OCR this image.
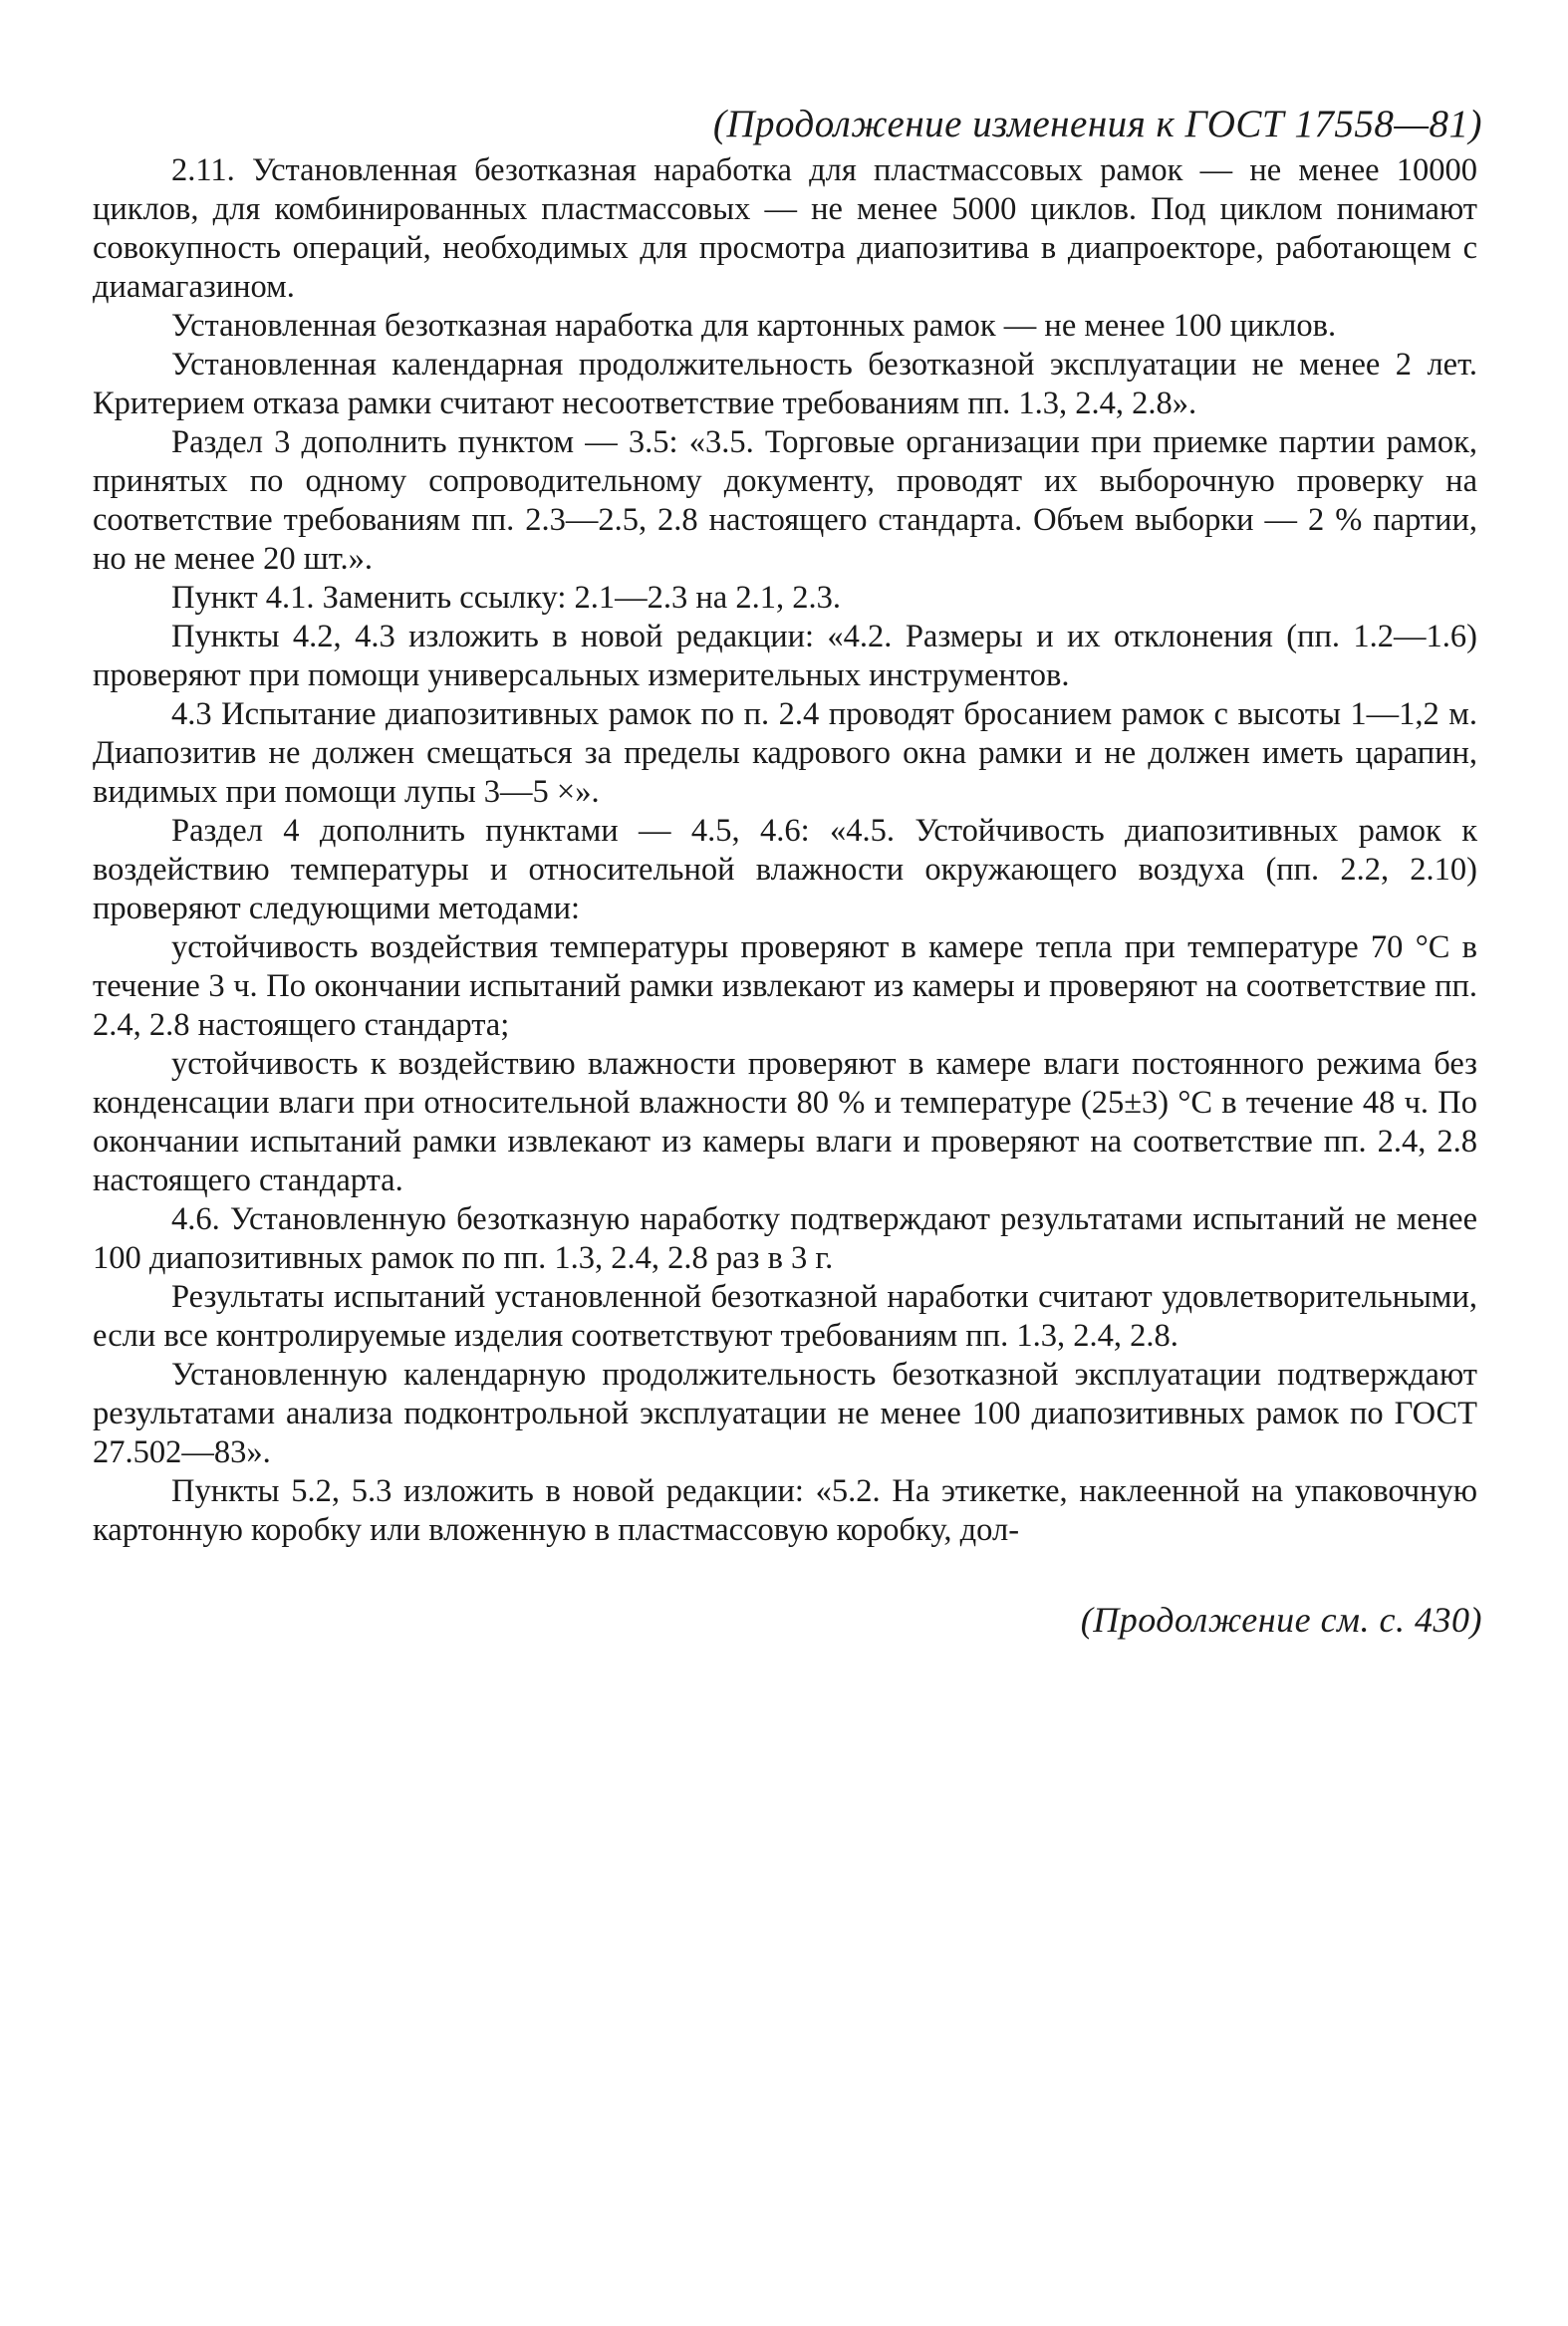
(Продолжение изменения к ГОСТ 17558—81)

2.11. Установленная безотказная наработка для пластмассовых рамок — не менее 10000 циклов, для комбинированных пластмассовых — не менее 5000 циклов. Под циклом понимают совокупность операций, необходимых для просмотра диапозитива в диапроекторе, работающем с диамагазином.

Установленная безотказная наработка для картонных рамок — не менее 100 циклов.

Установленная календарная продолжительность безотказной эксплуатации не менее 2 лет. Критерием отказа рамки считают несоответствие требованиям пп. 1.3, 2.4, 2.8».

Раздел 3 дополнить пунктом — 3.5: «3.5. Торговые организации при приемке партии рамок, принятых по одному сопроводительному документу, проводят их выборочную проверку на соответствие требованиям пп. 2.3—2.5, 2.8 настоящего стандарта. Объем выборки — 2 % партии, но не менее 20 шт.».

Пункт 4.1. Заменить ссылку: 2.1—2.3 на 2.1, 2.3.

Пункты 4.2, 4.3 изложить в новой редакции: «4.2. Размеры и их отклонения (пп. 1.2—1.6) проверяют при помощи универсальных измерительных инструментов.

4.3 Испытание диапозитивных рамок по п. 2.4 проводят бросанием рамок с высоты 1—1,2 м. Диапозитив не должен смещаться за пределы кадрового окна рамки и не должен иметь царапин, видимых при помощи лупы 3—5 ×».

Раздел 4 дополнить пунктами — 4.5, 4.6: «4.5. Устойчивость диапозитивных рамок к воздействию температуры и относительной влажности окружающего воздуха (пп. 2.2, 2.10) проверяют следующими методами:

устойчивость воздействия температуры проверяют в камере тепла при температуре 70 °С в течение 3 ч. По окончании испытаний рамки извлекают из камеры и проверяют на соответствие пп. 2.4, 2.8 настоящего стандарта;

устойчивость к воздействию влажности проверяют в камере влаги постоянного режима без конденсации влаги при относительной влажности 80 % и температуре (25±3) °С в течение 48 ч. По окончании испытаний рамки извлекают из камеры влаги и проверяют на соответствие пп. 2.4, 2.8 настоящего стандарта.

4.6. Установленную безотказную наработку подтверждают результатами испытаний не менее 100 диапозитивных рамок по пп. 1.3, 2.4, 2.8 раз в 3 г.

Результаты испытаний установленной безотказной наработки считают удовлетворительными, если все контролируемые изделия соответствуют требованиям пп. 1.3, 2.4, 2.8.

Установленную календарную продолжительность безотказной эксплуатации подтверждают результатами анализа подконтрольной эксплуатации не менее 100 диапозитивных рамок по ГОСТ 27.502—83».

Пункты 5.2, 5.3 изложить в новой редакции: «5.2. На этикетке, наклеенной на упаковочную картонную коробку или вложенную в пластмассовую коробку, дол-

(Продолжение см. с. 430)
